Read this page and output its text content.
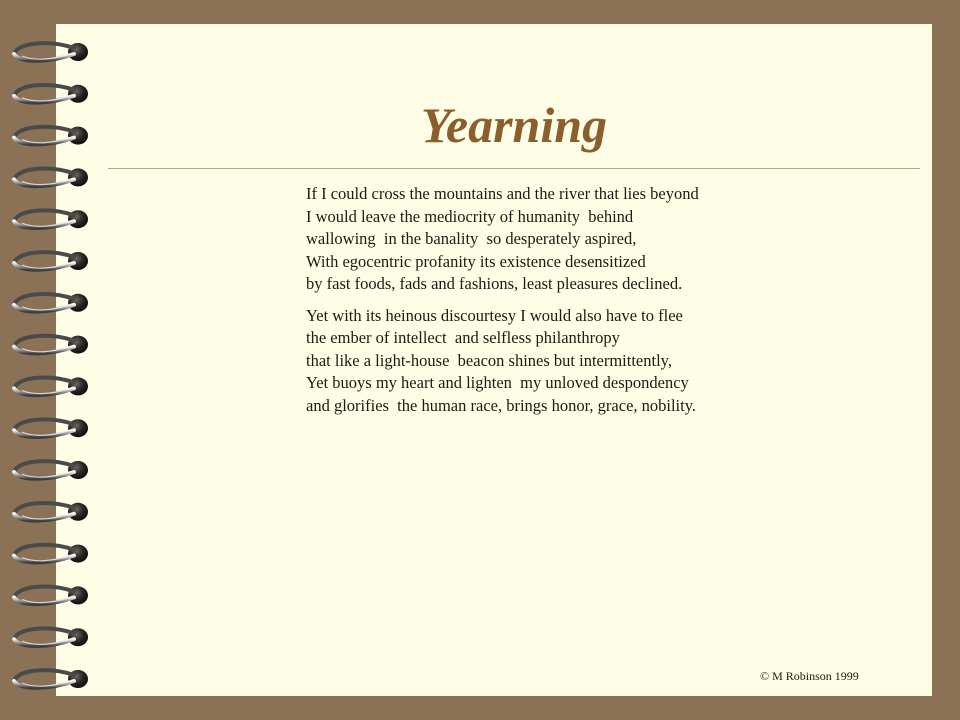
Yearning
If I could cross the mountains and the river that lies beyond
I would leave the mediocrity of humanity  behind
wallowing  in the banality  so desperately aspired,
With egocentric profanity its existence desensitized
by fast foods, fads and fashions, least pleasures declined.
Yet with its heinous discourtesy I would also have to flee
the ember of intellect  and selfless philanthropy
that like a light-house  beacon shines but intermittently,
Yet buoys my heart and lighten  my unloved despondency
and glorifies  the human race, brings honor, grace, nobility.
© M Robinson 1999
